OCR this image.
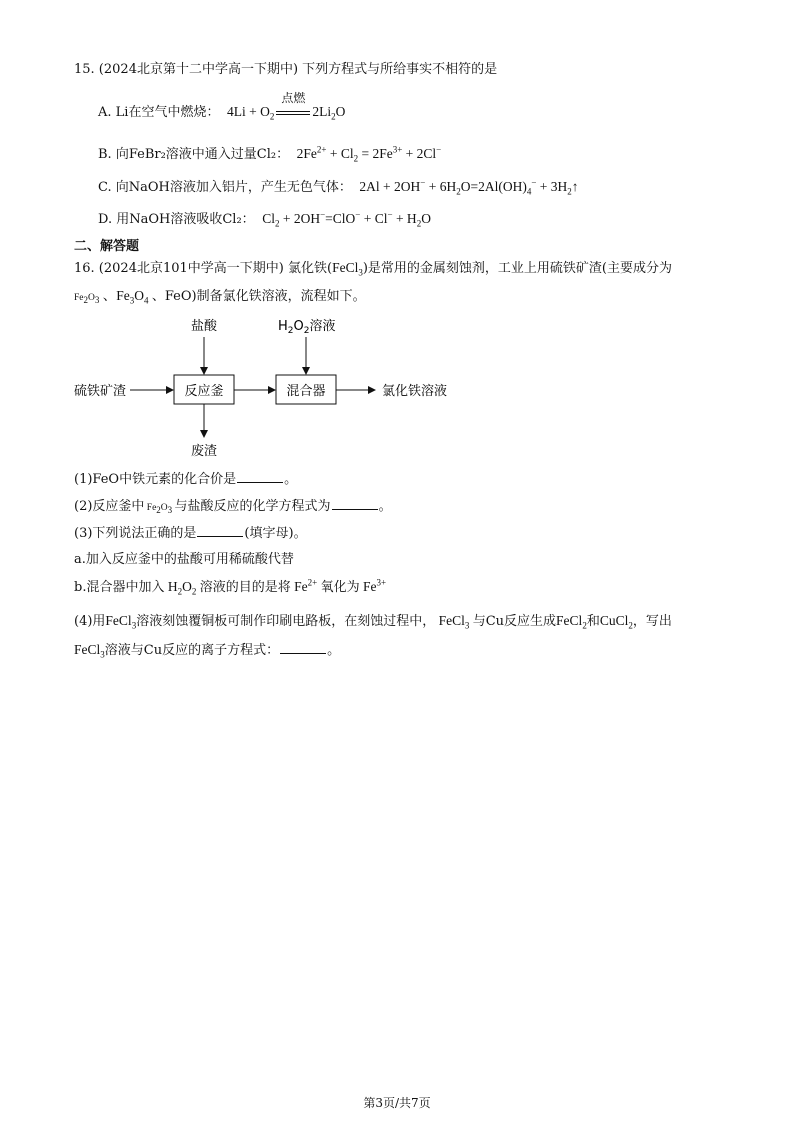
15. (2024北京第十二中学高一下期中) 下列方程式与所给事实不相符的是
A. Li在空气中燃烧：  $4Li + O_2$
点燃
$2Li_2O$
B. 向FeBr₂溶液中通入过量Cl₂：  $2Fe^{2+} + Cl_2 = 2Fe^{3+} + 2Cl^-$
C. 向NaOH溶液加入铝片，产生无色气体：  $2Al + 2OH^- + 6H_2O=2Al(OH)_4^-$ + $3H_2↑$
D. 用NaOH溶液吸收Cl₂：  $Cl_2 + 2OH^-=ClO^- + Cl^- + H_2O$
二、解答题
16. (2024北京101中学高一下期中) 氯化铁(FeCl$_3$)是常用的金属刻蚀剂，工业上用硫铁矿渣(主要成分为
$Fe_2O_3$ 、$Fe_3O_4$ 、FeO)制备氯化铁溶液，流程如下。
硫铁矿渣	反应釜	混合器	氯化铁溶液
盐酸	$H_2O_2$溶液
废渣
(1)FeO中铁元素的化合价是	。
(2)反应釜中 $Fe_2O_3$ 与盐酸反应的化学方程式为	。
(3)下列说法正确的是	(填字母)。
a.加入反应釜中的盐酸可用稀硫酸代替
b.混合器中加入 $H_2O_2$ 溶液的目的是将 $Fe^{2+}$ 氧化为 $Fe^{3+}$
(4)用FeCl$_3$溶液刻蚀覆铜板可制作印刷电路板，在刻蚀过程中， FeCl$_3$ 与Cu反应生成FeCl$_2$和CuCl$_2$，写出
FeCl$_3$溶液与Cu反应的离子方程式：	。
第3页/共7页
